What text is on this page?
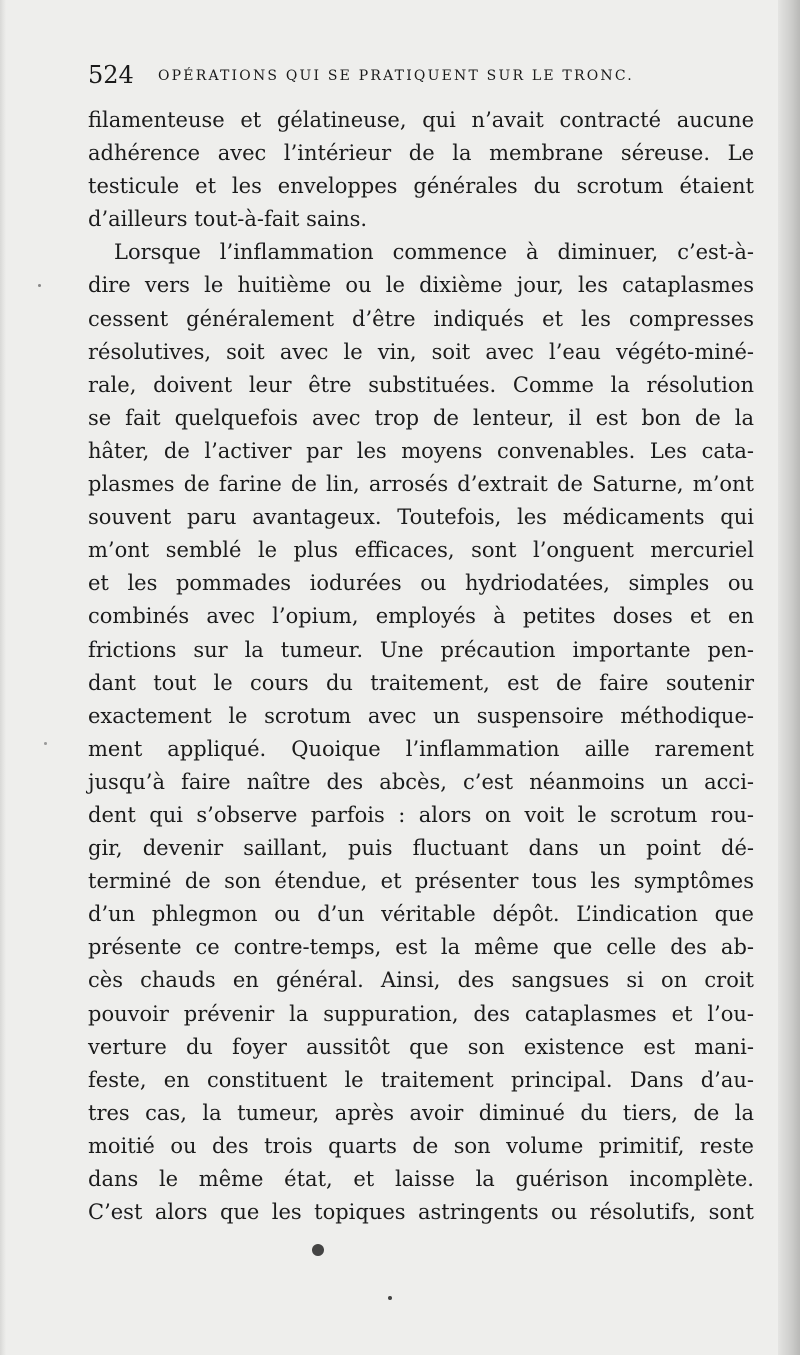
524 OPÉRATIONS QUI SE PRATIQUENT SUR LE TRONC.
filamenteuse et gélatineuse, qui n’avait contracté aucune
adhérence avec l’intérieur de la membrane séreuse. Le
testicule et les enveloppes générales du scrotum étaient
d’ailleurs tout-à-fait sains.
Lorsque l’inflammation commence à diminuer, c’est-à-
dire vers le huitième ou le dixième jour, les cataplasmes
cessent généralement d’être indiqués et les compresses
résolutives, soit avec le vin, soit avec l’eau végéto-miné-
rale, doivent leur être substituées. Comme la résolution
se fait quelquefois avec trop de lenteur, il est bon de la
hâter, de l’activer par les moyens convenables. Les cata-
plasmes de farine de lin, arrosés d’extrait de Saturne, m’ont
souvent paru avantageux. Toutefois, les médicaments qui
m’ont semblé le plus efficaces, sont l’onguent mercuriel
et les pommades iodurées ou hydriodatées, simples ou
combinés avec l’opium, employés à petites doses et en
frictions sur la tumeur. Une précaution importante pen-
dant tout le cours du traitement, est de faire soutenir
exactement le scrotum avec un suspensoire méthodique-
ment appliqué. Quoique l’inflammation aille rarement
jusqu’à faire naître des abcès, c’est néanmoins un acci-
dent qui s’observe parfois : alors on voit le scrotum rou-
gir, devenir saillant, puis fluctuant dans un point dé-
terminé de son étendue, et présenter tous les symptômes
d’un phlegmon ou d’un véritable dépôt. L’indication que
présente ce contre-temps, est la même que celle des ab-
cès chauds en général. Ainsi, des sangsues si on croit
pouvoir prévenir la suppuration, des cataplasmes et l’ou-
verture du foyer aussitôt que son existence est mani-
feste, en constituent le traitement principal. Dans d’au-
tres cas, la tumeur, après avoir diminué du tiers, de la
moitié ou des trois quarts de son volume primitif, reste
dans le même état, et laisse la guérison incomplète.
C’est alors que les topiques astringents ou résolutifs, sont
